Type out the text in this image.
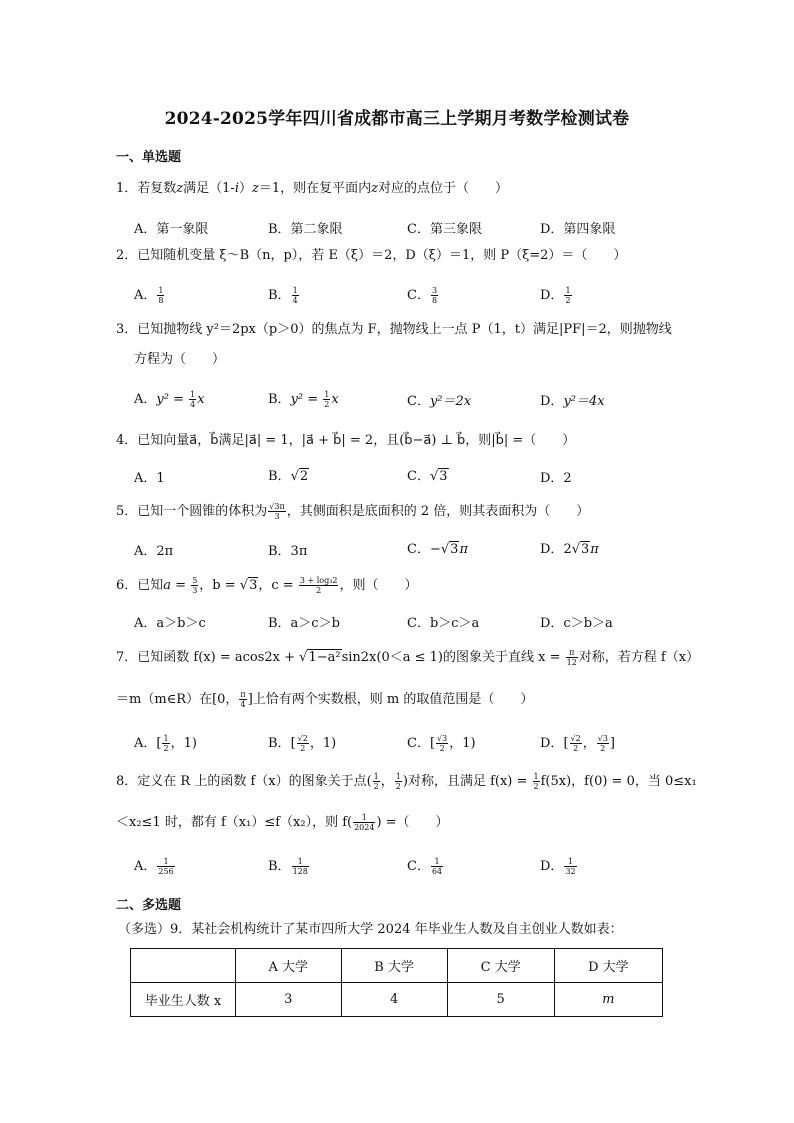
2024-2025学年四川省成都市高三上学期月考数学检测试卷
一、单选题
1．若复数z满足（1-i）z＝1，则在复平面内z对应的点位于（　　）
A．第一象限	B．第二象限	C．第三象限	D．第四象限
2．已知随机变量 ξ～B（n，p），若 E（ξ）＝2，D（ξ）＝1，则 P（ξ=2）＝（　　）
A． $\frac{1}{8}$	B． $\frac{1}{4}$	C． $\frac{3}{8}$	D． $\frac{1}{2}$
3．已知抛物线 y²＝2px（p＞0）的焦点为 F，抛物线上一点 P（1，t）满足|PF|＝2，则抛物线
方程为（　　）
A．$y^2 = \frac{1}{4}$ x	B．$y^2 = \frac{1}{2}$ x	C．y²＝2x	D．y²＝4x
4．已知向量a⃗，b⃗满足|a⃗| = 1，|a⃗ + b⃗| = 2，且(b⃗−a⃗) ⊥ b⃗，则|b⃗| =（　　）
A．1	B．√2	C．√3	D．2
5．已知一个圆锥的体积为 $\frac{√3\pi}{3}$ ，其侧面积是底面积的 2 倍，则其表面积为（　　）
A．2π	B．3π	C．−√3π	D．2√3π
6．已知$a = \frac{5}{3}$ ，b = √3，$c = \frac{\text{3 + log₃2}}{2}$ ，则（　　）
A．a＞b＞c	B．a＞c＞b	C．b＞c＞a	D．c＞b＞a
7．已知函数 f(x) = acos2x + √1−a²sin2x(0＜a ≤ 1)的图象关于直线 $x = \frac{\pi}{12}$ 对称，若方程 f（x）
＝m（m∈R）在[0， $\frac{\pi}{4}$ ]上恰有两个实数根，则 m 的取值范围是（　　）
A．[ $\frac{1}{2}$ ，1)	B．[ $\frac{√2}{2}$ ，1)	C．[ $\frac{√3}{2}$ ，1)	D．[ $\frac{√2}{2}$ ， $\frac{√3}{2}$ ]
8．定义在 R 上的函数 f（x）的图象关于点( $\frac{1}{2}$ ， $\frac{1}{2}$ )对称，且满足 $f(x) = \frac{1}{2} f(5x)$，f(0) = 0，当 0≤x₁
＜x₂≤1 时，都有 f（x₁）≤f（x₂），则 $f( \frac{1}{2024}$ ) =（　　）
A． $\frac{1}{256}$	B． $\frac{1}{128}$	C． $\frac{1}{64}$	D． $\frac{1}{32}$
二、多选题
（多选）9．某社会机构统计了某市四所大学 2024 年毕业生人数及自主创业人数如表：
	A 大学	B 大学	C 大学	D 大学
毕业生人数 x	3	4	5	m
